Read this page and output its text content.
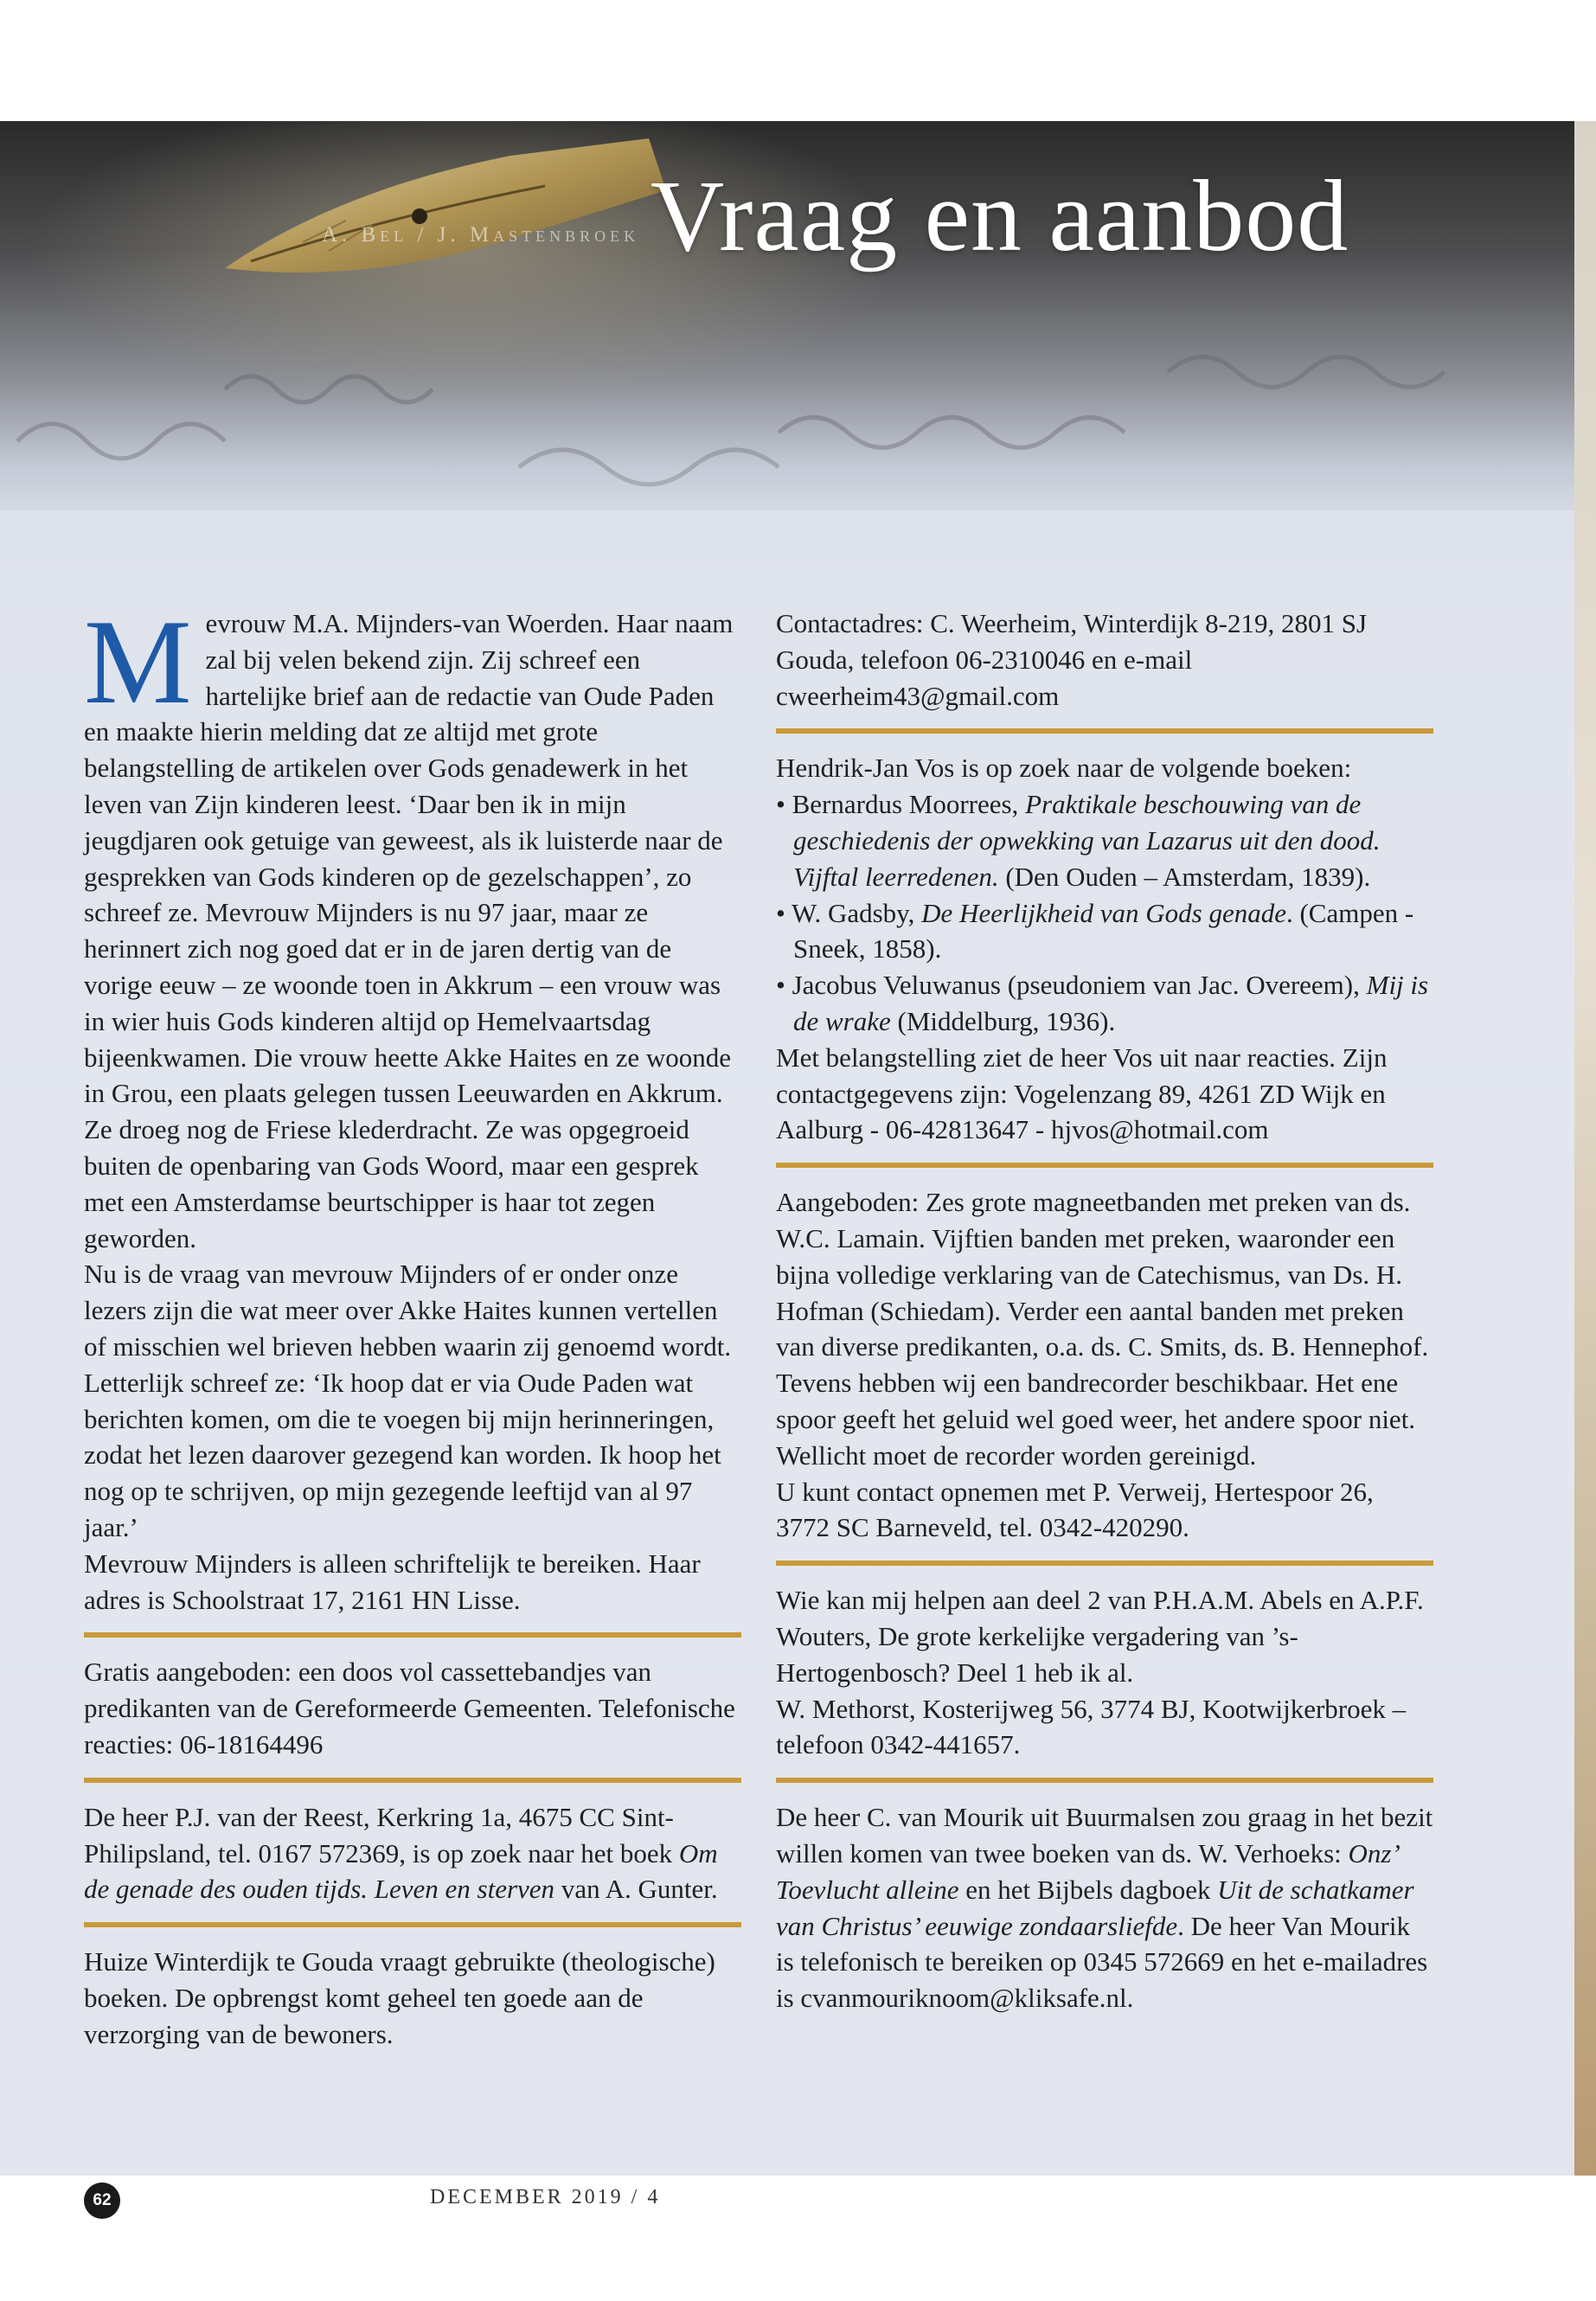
A. Bel / J. Mastenbroek Vraag en aanbod

Mevrouw M.A. Mijnders-van Woerden. Haar naam zal bij velen bekend zijn. Zij schreef een hartelijke brief aan de redactie van Oude Paden en maakte hierin melding dat ze altijd met grote belangstelling de artikelen over Gods genadewerk in het leven van Zijn kinderen leest. ‘Daar ben ik in mijn jeugdjaren ook getuige van geweest, als ik luisterde naar de gesprekken van Gods kinderen op de gezelschappen’, zo schreef ze. Mevrouw Mijnders is nu 97 jaar, maar ze herinnert zich nog goed dat er in de jaren dertig van de vorige eeuw – ze woonde toen in Akkrum – een vrouw was in wier huis Gods kinderen altijd op Hemelvaartsdag bijeenkwamen. Die vrouw heette Akke Haites en ze woonde in Grou, een plaats gelegen tussen Leeuwarden en Akkrum. Ze droeg nog de Friese klederdracht. Ze was opgegroeid buiten de openbaring van Gods Woord, maar een gesprek met een Amsterdamse beurtschipper is haar tot zegen geworden.

Nu is de vraag van mevrouw Mijnders of er onder onze lezers zijn die wat meer over Akke Haites kunnen vertellen of misschien wel brieven hebben waarin zij genoemd wordt. Letterlijk schreef ze: ‘Ik hoop dat er via Oude Paden wat berichten komen, om die te voegen bij mijn herinneringen, zodat het lezen daarover gezegend kan worden. Ik hoop het nog op te schrijven, op mijn gezegende leeftijd van al 97 jaar.’

Mevrouw Mijnders is alleen schriftelijk te bereiken. Haar adres is Schoolstraat 17, 2161 HN Lisse.

Gratis aangeboden: een doos vol cassettebandjes van predikanten van de Gereformeerde Gemeenten. Telefonische reacties: 06-18164496

De heer P.J. van der Reest, Kerkring 1a, 4675 CC Sint-Philipsland, tel. 0167 572369, is op zoek naar het boek Om de genade des ouden tijds. Leven en sterven van A. Gunter.

Huize Winterdijk te Gouda vraagt gebruikte (theologische) boeken. De opbrengst komt geheel ten goede aan de verzorging van de bewoners.

Contactadres: C. Weerheim, Winterdijk 8-219, 2801 SJ Gouda, telefoon 06-2310046 en e-mail cweerheim43@gmail.com

Hendrik-Jan Vos is op zoek naar de volgende boeken:

• Bernardus Moorrees, Praktikale beschouwing van de geschiedenis der opwekking van Lazarus uit den dood. Vijftal leerredenen. (Den Ouden – Amsterdam, 1839).
• W. Gadsby, De Heerlijkheid van Gods genade. (Campen - Sneek, 1858).
• Jacobus Veluwanus (pseudoniem van Jac. Overeem), Mij is de wrake (Middelburg, 1936).

Met belangstelling ziet de heer Vos uit naar reacties. Zijn contactgegevens zijn: Vogelenzang 89, 4261 ZD Wijk en Aalburg - 06-42813647 - hjvos@hotmail.com

Aangeboden: Zes grote magneetbanden met preken van ds. W.C. Lamain. Vijftien banden met preken, waaronder een bijna volledige verklaring van de Catechismus, van Ds. H. Hofman (Schiedam). Verder een aantal banden met preken van diverse predikanten, o.a. ds. C. Smits, ds. B. Hennephof. Tevens hebben wij een bandrecorder beschikbaar. Het ene spoor geeft het geluid wel goed weer, het andere spoor niet. Wellicht moet de recorder worden gereinigd.

U kunt contact opnemen met P. Verweij, Hertespoor 26, 3772 SC Barneveld, tel. 0342-420290.

Wie kan mij helpen aan deel 2 van P.H.A.M. Abels en A.P.F. Wouters, De grote kerkelijke vergadering van ’s-Hertogenbosch? Deel 1 heb ik al.

W. Methorst, Kosterijweg 56, 3774 BJ, Kootwijkerbroek – telefoon 0342-441657.

De heer C. van Mourik uit Buurmalsen zou graag in het bezit willen komen van twee boeken van ds. W. Verhoeks: Onz’ Toevlucht alleine en het Bijbels dagboek Uit de schatkamer van Christus’ eeuwige zondaarsliefde. De heer Van Mourik is telefonisch te bereiken op 0345 572669 en het e-mailadres is cvanmouriknoom@kliksafe.nl.

62	DECEMBER 2019 / 4
